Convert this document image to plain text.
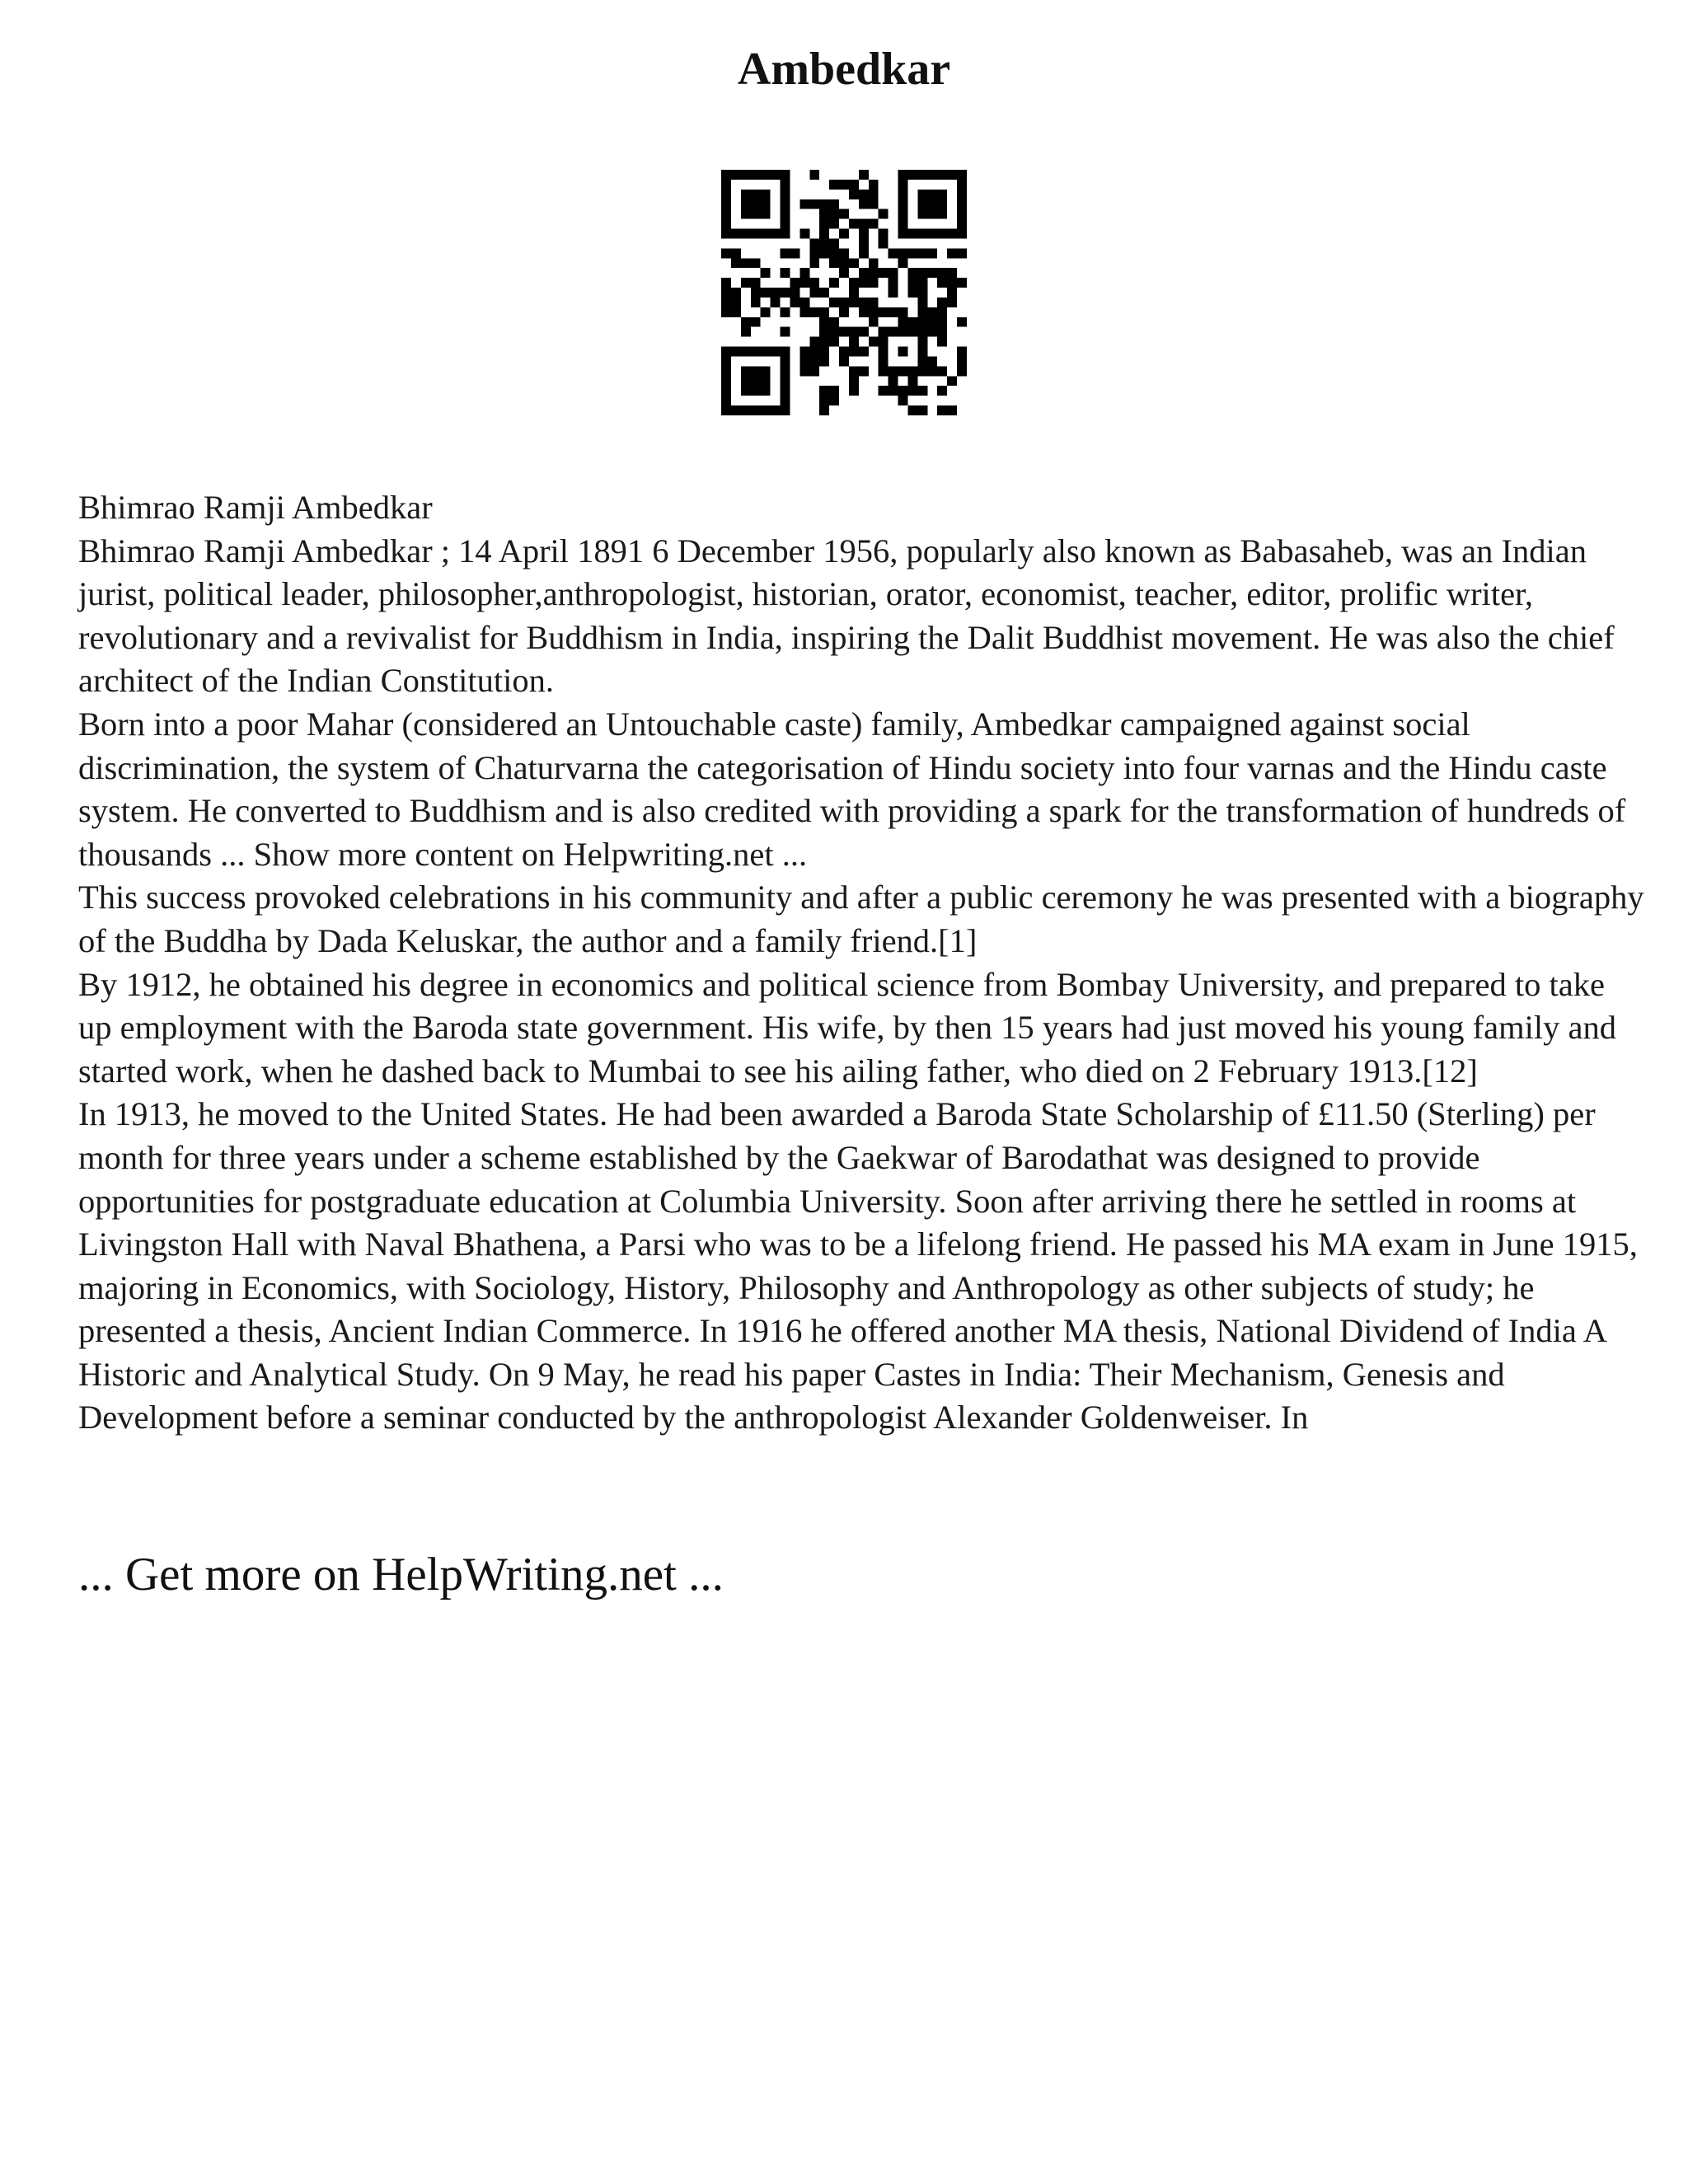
Ambedkar

Bhimrao Ramji Ambedkar

Bhimrao Ramji Ambedkar ; 14 April 1891 6 December 1956, popularly also known as Babasaheb, was an Indian jurist, political leader, philosopher,anthropologist, historian, orator, economist, teacher, editor, prolific writer, revolutionary and a revivalist for Buddhism in India, inspiring the Dalit Buddhist movement. He was also the chief architect of the Indian Constitution.

Born into a poor Mahar (considered an Untouchable caste) family, Ambedkar campaigned against social discrimination, the system of Chaturvarna the categorisation of Hindu society into four varnas and the Hindu caste system. He converted to Buddhism and is also credited with providing a spark for the transformation of hundreds of thousands ... Show more content on Helpwriting.net ...

This success provoked celebrations in his community and after a public ceremony he was presented with a biography of the Buddha by Dada Keluskar, the author and a family friend.[1]

By 1912, he obtained his degree in economics and political science from Bombay University, and prepared to take up employment with the Baroda state government. His wife, by then 15 years had just moved his young family and started work, when he dashed back to Mumbai to see his ailing father, who died on 2 February 1913.[12]

In 1913, he moved to the United States. He had been awarded a Baroda State Scholarship of £11.50 (Sterling) per month for three years under a scheme established by the Gaekwar of Barodathat was designed to provide opportunities for postgraduate education at Columbia University. Soon after arriving there he settled in rooms at Livingston Hall with Naval Bhathena, a Parsi who was to be a lifelong friend. He passed his MA exam in June 1915, majoring in Economics, with Sociology, History, Philosophy and Anthropology as other subjects of study; he presented a thesis, Ancient Indian Commerce. In 1916 he offered another MA thesis, National Dividend of India A Historic and Analytical Study. On 9 May, he read his paper Castes in India: Their Mechanism, Genesis and Development before a seminar conducted by the anthropologist Alexander Goldenweiser. In

... Get more on HelpWriting.net ...
